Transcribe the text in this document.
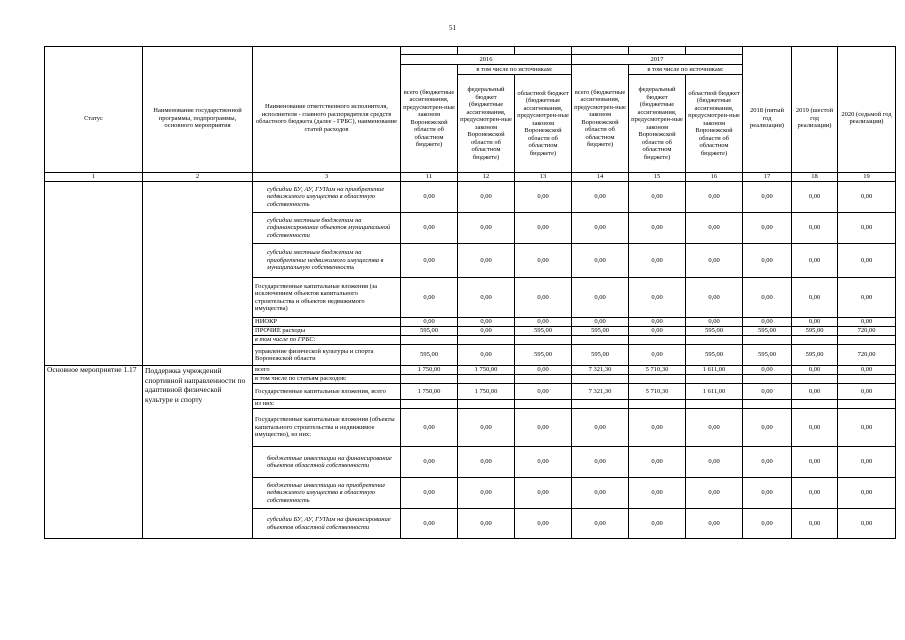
51

			2016			2017					
Статус	Наименование государственной программы, подпрограммы, основного мероприятия	Наименование ответственного исполнителя, исполнителя - главного распорядителя средств областного бюджета (далее - ГРБС), наименование статей расходов	всего (бюджетные ассигнования, предусмотрен-ные законом Воронежской области об областном бюджете)	в том числе по источникам:		всего (бюджетные ассигнования, предусмотрен-ные законом Воронежской области об областном бюджете)	в том числе по источникам:		2018 (пятый год реализации)	2019 (шестой год реализации)	2020 (седьмой год реализации)
				федеральный бюджет (бюджетные ассигнования, предусмотрен-ные законом Воронежской области об областном бюджете)	областной бюджет (бюджетные ассигнования, предусмотрен-ные законом Воронежской области об областном бюджете)		федеральный бюджет (бюджетные ассигнования, предусмотрен-ные законом Воронежской области об областном бюджете)	областной бюджет (бюджетные ассигнования, предусмотрен-ные законом Воронежской области об областном бюджете)			
1	2	3	11	12	13	14	15	16	17	18	19
		субсидии БУ, АУ, ГУПам на приобретение недвижимого имущества в областную собственность	0,00	0,00	0,00	0,00	0,00	0,00	0,00	0,00	0,00
		субсидии местным бюджетам на софинансирование объектов муниципальной собственности	0,00	0,00	0,00	0,00	0,00	0,00	0,00	0,00	0,00
		субсидии местным бюджетам на приобретение недвижимого имущества в муниципальную собственность	0,00	0,00	0,00	0,00	0,00	0,00	0,00	0,00	0,00
		Государственные капитальные вложения (за исключением объектов капитального строительства и объектов недвижимого имущества)	0,00	0,00	0,00	0,00	0,00	0,00	0,00	0,00	0,00
		НИОКР	0,00	0,00	0,00	0,00	0,00	0,00	0,00	0,00	0,00
		ПРОЧИЕ расходы	595,00	0,00	595,00	595,00	0,00	595,00	595,00	595,00	720,00
		в том числе по ГРБС:									
		управление физической культуры и спорта Воронежской области	595,00	0,00	595,00	595,00	0,00	595,00	595,00	595,00	720,00
Основное мероприятие 1.17	Поддержка учреждений спортивной направленности по адаптивной физической культуре и спорту	всего	1 750,00	1 750,00	0,00	7 321,30	5 710,30	1 611,00	0,00	0,00	0,00
		в том числе по статьям расходов:									
		Государственные капитальные вложения, всего	1 750,00	1 750,00	0,00	7 321,30	5 710,30	1 611,00	0,00	0,00	0,00
		из них:									
		Государственные капитальные вложения (объекты капитального строительства и недвижимое имущество), из них:	0,00	0,00	0,00	0,00	0,00	0,00	0,00	0,00	0,00
		бюджетные инвестиции на финансирование объектов областной собственности	0,00	0,00	0,00	0,00	0,00	0,00	0,00	0,00	0,00
		бюджетные инвестиции на приобретение недвижимого имущества в областную собственность	0,00	0,00	0,00	0,00	0,00	0,00	0,00	0,00	0,00
		субсидии БУ, АУ, ГУПам на финансирование объектов областной собственности	0,00	0,00	0,00	0,00	0,00	0,00	0,00	0,00	0,00
